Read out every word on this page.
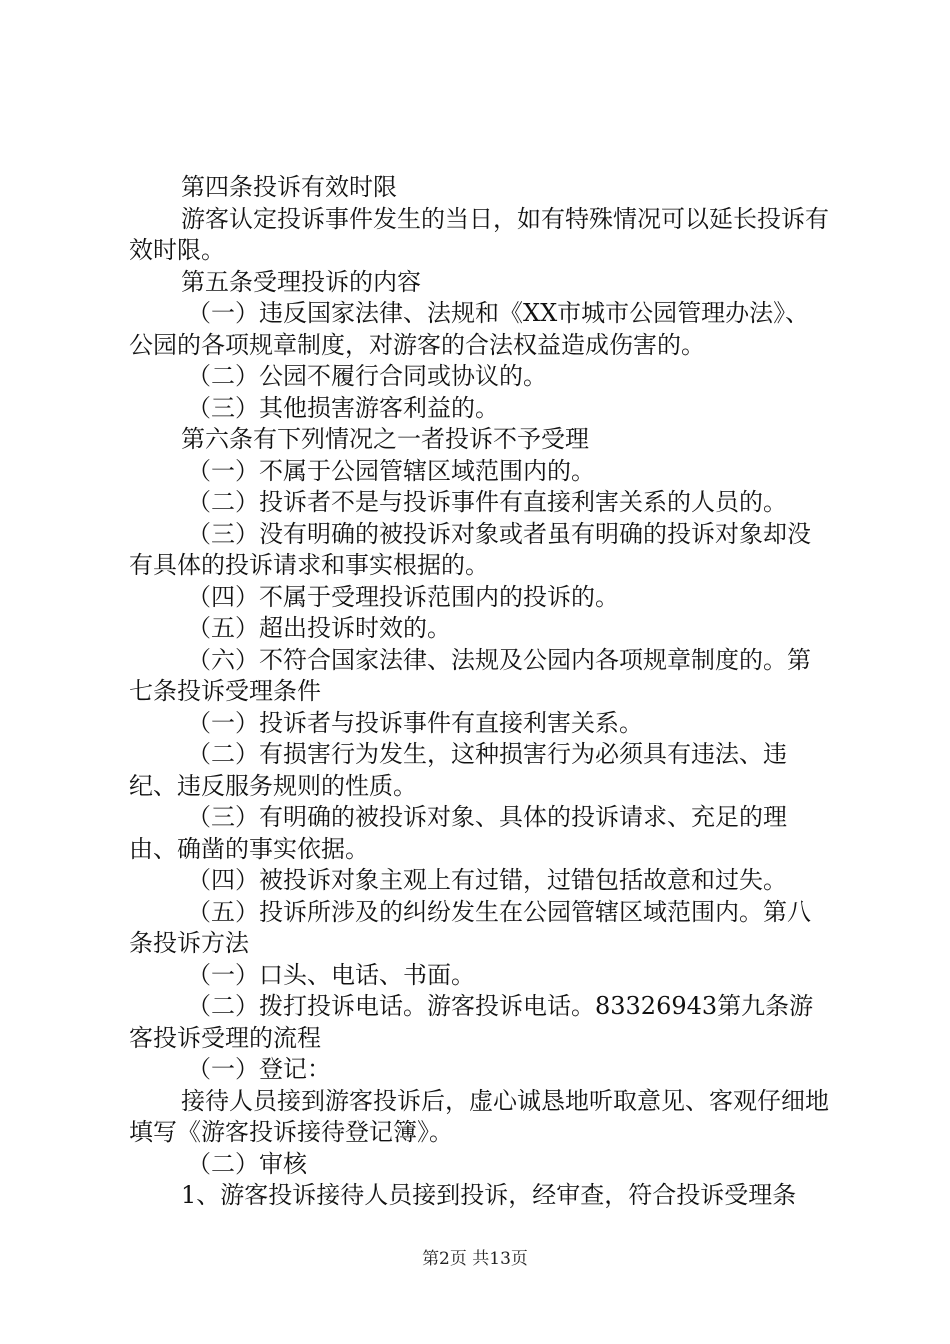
第四条投诉有效时限

游客认定投诉事件发生的当日，如有特殊情况可以延长投诉有效时限。

第五条受理投诉的内容

（一）违反国家法律、法规和《XX市城市公园管理办法》、公园的各项规章制度，对游客的合法权益造成伤害的。

（二）公园不履行合同或协议的。

（三）其他损害游客利益的。

第六条有下列情况之一者投诉不予受理

（一）不属于公园管辖区域范围内的。

（二）投诉者不是与投诉事件有直接利害关系的人员的。

（三）没有明确的被投诉对象或者虽有明确的投诉对象却没有具体的投诉请求和事实根据的。

（四）不属于受理投诉范围内的投诉的。

（五）超出投诉时效的。

（六）不符合国家法律、法规及公园内各项规章制度的。第七条投诉受理条件

（一）投诉者与投诉事件有直接利害关系。

（二）有损害行为发生，这种损害行为必须具有违法、违纪、违反服务规则的性质。

（三）有明确的被投诉对象、具体的投诉请求、充足的理由、确凿的事实依据。

（四）被投诉对象主观上有过错，过错包括故意和过失。

（五）投诉所涉及的纠纷发生在公园管辖区域范围内。第八条投诉方法

（一）口头、电话、书面。

（二）拨打投诉电话。游客投诉电话。83326943第九条游客投诉受理的流程

（一）登记：

接待人员接到游客投诉后，虚心诚恳地听取意见、客观仔细地填写《游客投诉接待登记簿》。

（二）审核

1、游客投诉接待人员接到投诉，经审查，符合投诉受理条

第2页 共13页
